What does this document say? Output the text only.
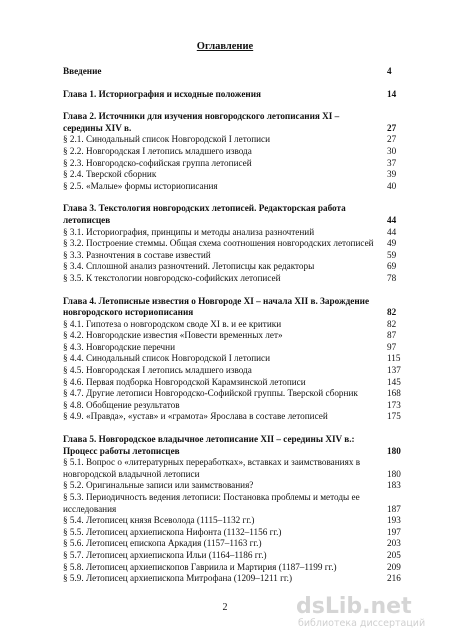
Оглавление
Введение	4
Глава 1. Историография и исходные положения	14
Глава 2. Источники для изучения новгородского летописания XI – середины XIV в.	27
§ 2.1. Синодальный список Новгородской I летописи	27
§ 2.2. Новгородская I летопись младшего извода	30
§ 2.3. Новгородско-софийская группа летописей	37
§ 2.4. Тверской сборник	39
§ 2.5. «Малые» формы историописания	40
Глава 3. Текстология новгородских летописей. Редакторская работа летописцев	44
§ 3.1. Историография, принципы и методы анализа разночтений	44
§ 3.2. Построение стеммы. Общая схема соотношения новгородских летописей	49
§ 3.3. Разночтения в составе известий	59
§ 3.4. Сплошной анализ разночтений. Летописцы как редакторы	69
§ 3.5. К текстологии новгородско-софийских летописей	78
Глава 4. Летописные известия о Новгороде XI – начала XII в. Зарождение новгородского историописания	82
§ 4.1. Гипотеза о новгородском своде XI в. и ее критики	82
§ 4.2. Новгородские известия «Повести временных лет»	87
§ 4.3. Новгородские перечни	97
§ 4.4. Синодальный список Новгородской I летописи	115
§ 4.5. Новгородская I летопись младшего извода	137
§ 4.6. Первая подборка Новгородской Карамзинской летописи	145
§ 4.7. Другие летописи Новгородско-Софийской группы. Тверской сборник	168
§ 4.8. Обобщение результатов	173
§ 4.9. «Правда», «устав» и «грамота» Ярослава в составе летописей	175
Глава 5. Новгородское владычное летописание XII – середины XIV в.: Процесс работы летописцев	180
§ 5.1. Вопрос о «литературных переработках», вставках и заимствованиях в новгородской владычной летописи	180
§ 5.2. Оригинальные записи или заимствования?	183
§ 5.3. Периодичность ведения летописи: Постановка проблемы и методы ее исследования	187
§ 5.4. Летописец князя Всеволода (1115–1132 гг.)	193
§ 5.5. Летописец архиепископа Нифонта (1132–1156 гг.)	197
§ 5.6. Летописец епископа Аркадия (1157–1163 гг.)	203
§ 5.7. Летописец архиепископа Ильи (1164–1186 гг.)	205
§ 5.8. Летописец архиепископов Гавриила и Мартирия (1187–1199 гг.)	209
§ 5.9. Летописец архиепископа Митрофана (1209–1211 гг.)	216
2	dsLib.net
библиотека диссертаций
